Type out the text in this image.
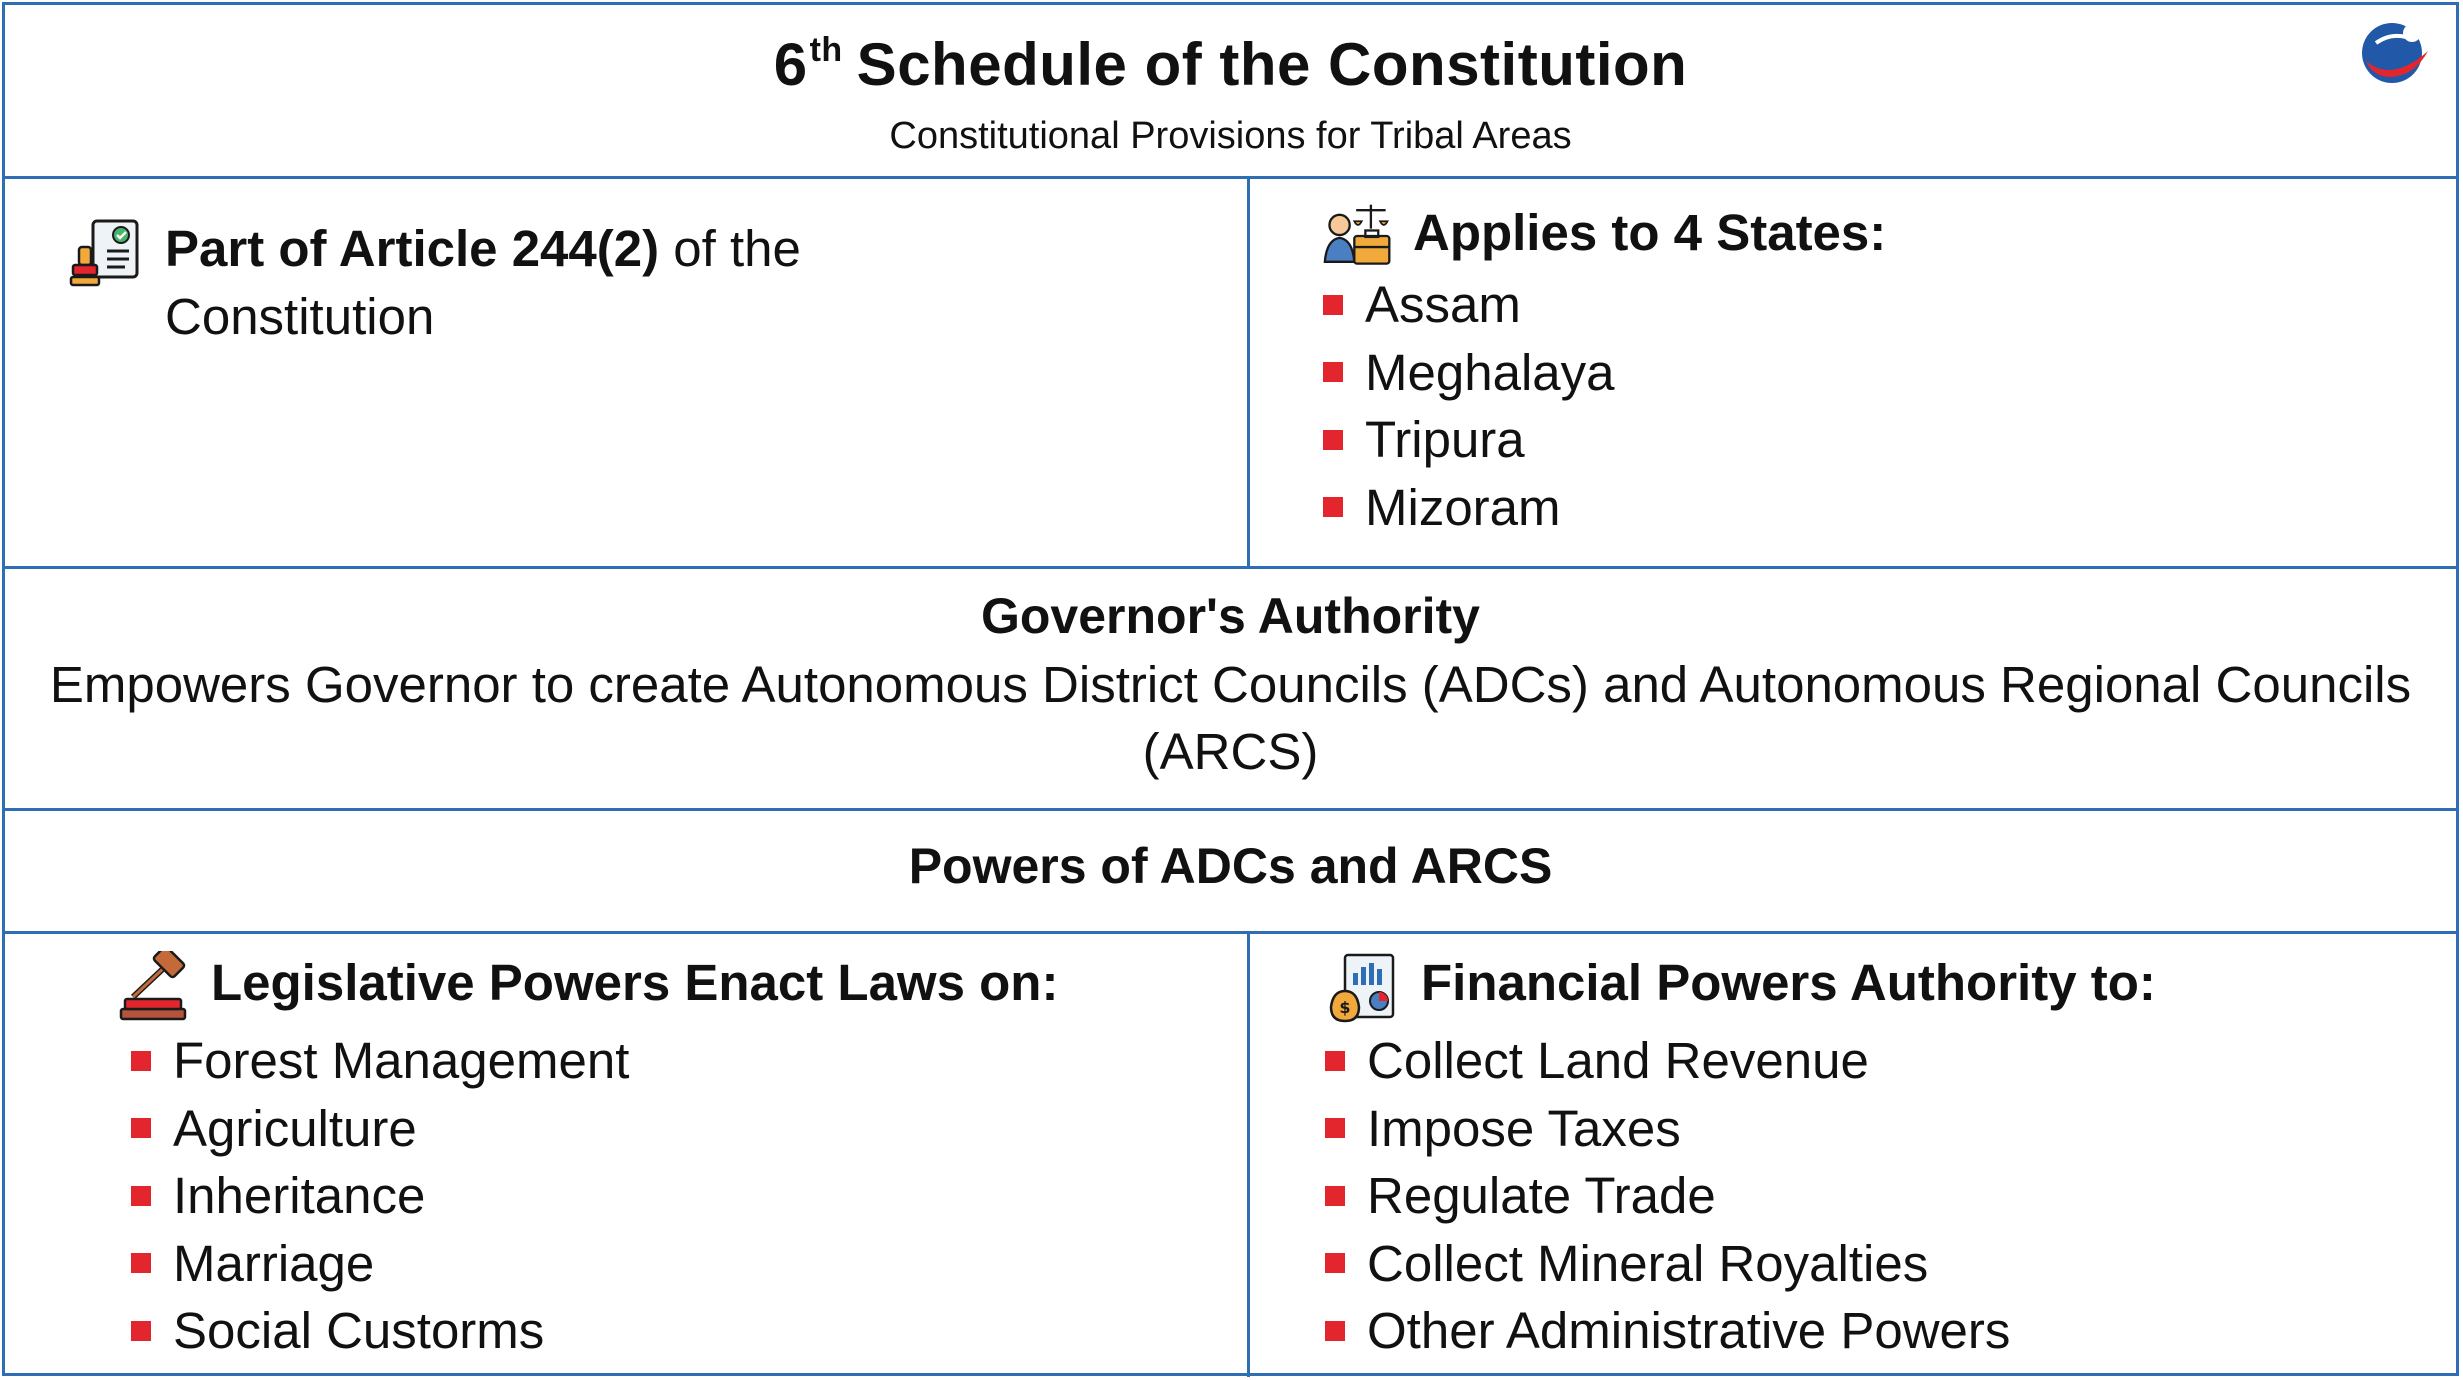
6th Schedule of the Constitution
Constitutional Provisions for Tribal Areas
Part of Article 244(2) of the
Constitution
Applies to 4 States:
Assam
Meghalaya
Tripura
Mizoram
Governor's Authority
Empowers Governor to create Autonomous District Councils (ADCs) and Autonomous Regional Councils (ARCS)
Powers of ADCs and ARCS
Legislative Powers Enact Laws on:
Forest Management
Agriculture
Inheritance
Marriage
Social Custorms
$ Financial Powers Authority to:
Collect Land Revenue
Impose Taxes
Regulate Trade
Collect Mineral Royalties
Other Administrative Powers
